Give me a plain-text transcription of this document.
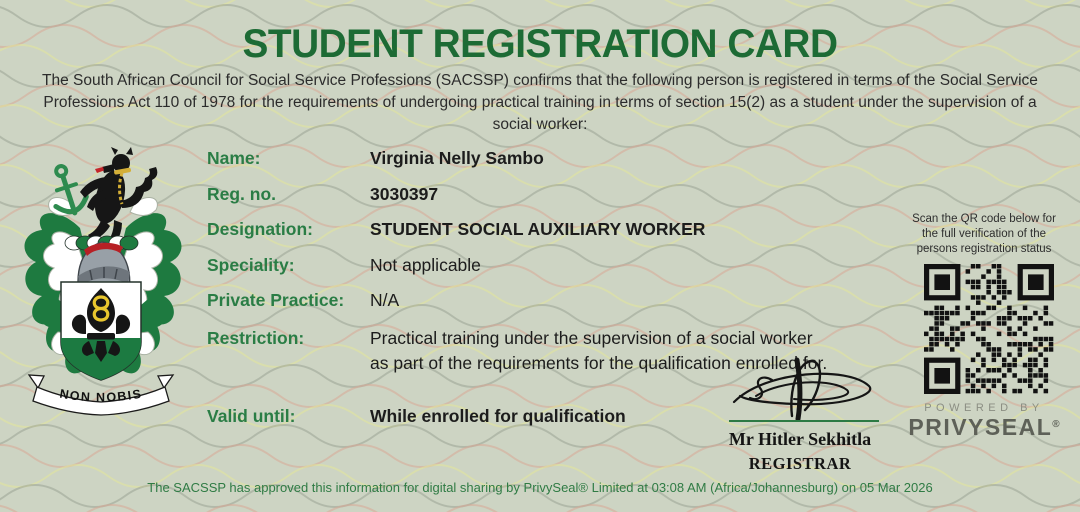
STUDENT REGISTRATION CARD
The South African Council for Social Service Professions (SACSSP) confirms that the following person is registered in terms of the Social Service Professions Act 110 of 1978 for the requirements of undergoing practical training in terms of section 15(2) as a student under the supervision of a social worker:
NON NOBIS
Name:	Virginia Nelly Sambo
Reg. no.	3030397
Designation:	STUDENT SOCIAL AUXILIARY WORKER
Speciality:	Not applicable
Private Practice:	N/A
Restriction:	Practical training under the supervision of a social worker
as part of the requirements for the qualification enrolled for.
Valid until:	While enrolled for qualification
Scan the QR code below for
the full verification of the
persons registration status
POWERED BY
PRIVYSEAL®
Mr Hitler Sekhitla
REGISTRAR
The SACSSP has approved this information for digital sharing by PrivySeal® Limited at 03:08 AM (Africa/Johannesburg) on 05 Mar 2026
